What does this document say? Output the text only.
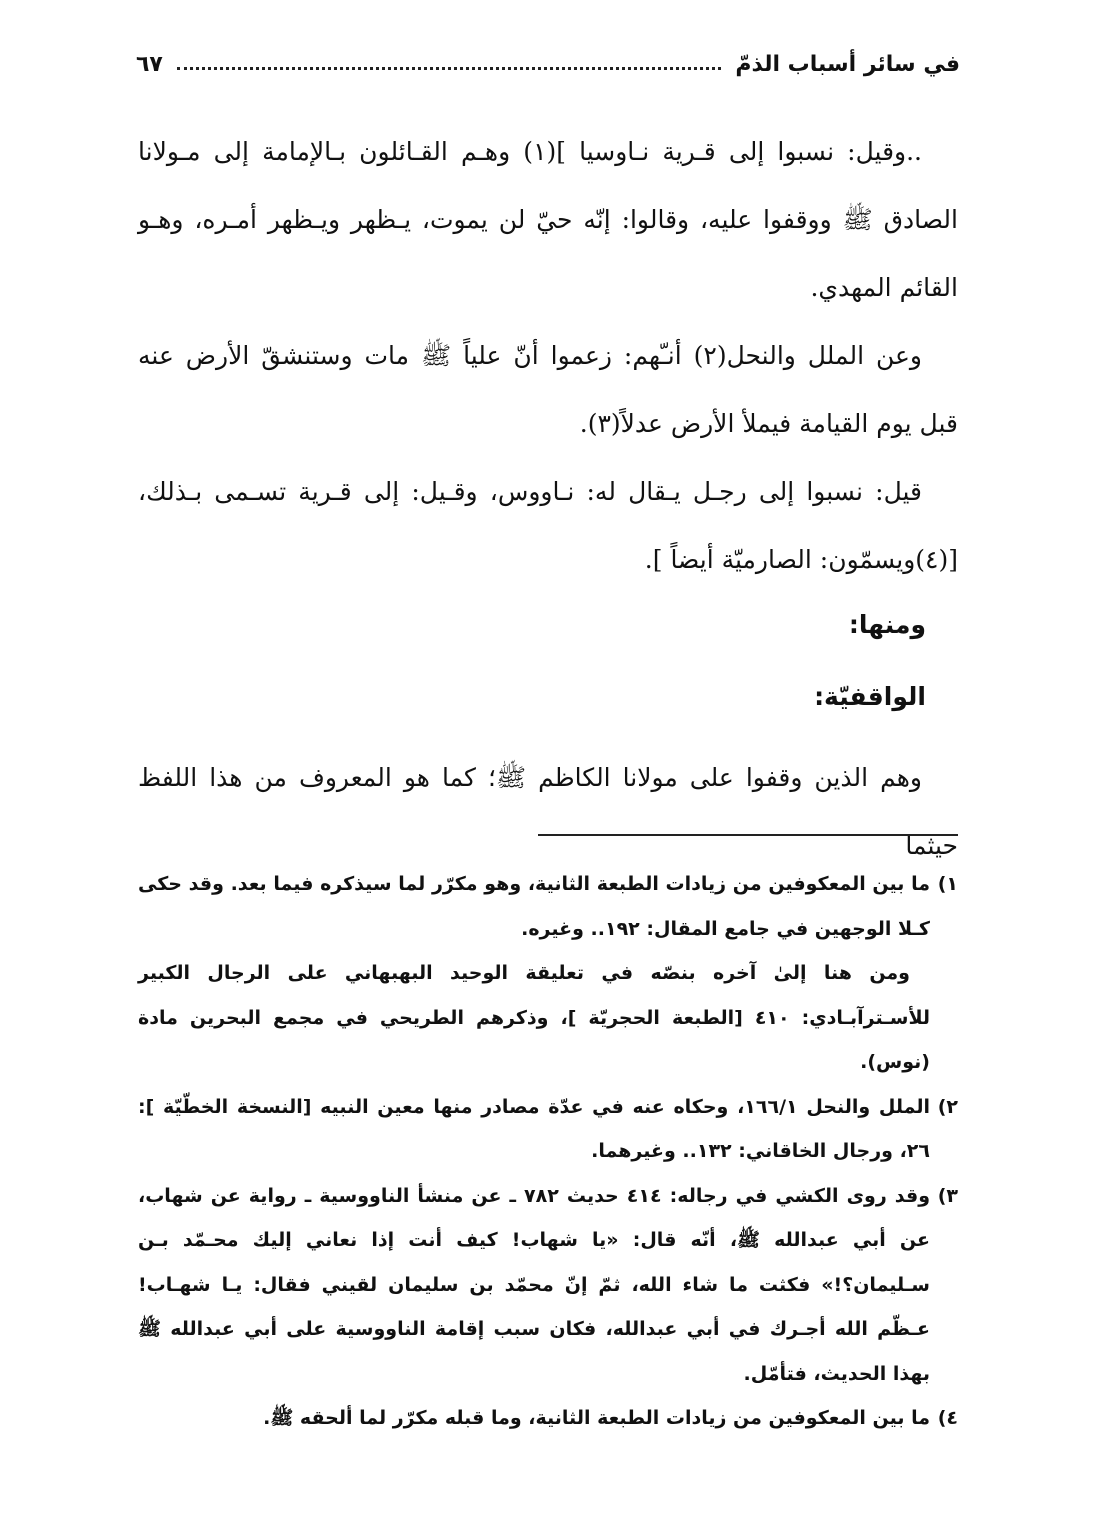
في سائر أسباب الذمّ
٦٧

..وقيل: نسبوا إلى قـرية نـاوسيا ](١) وهـم القـائلون بـالإمامة إلى مـولانا الصادق ﷺ ووقفوا عليه، وقالوا: إنّه حيّ لن يموت، يـظهر ويـظهر أمـره، وهـو القائم المهدي.

وعن الملل والنحل(٢) أنـّهم: زعموا أنّ علياً ﷺ مات وستنشقّ الأرض عنه قبل يوم القيامة فيملأ الأرض عدلاً(٣).

قيل: نسبوا إلى رجـل يـقال له: نـاووس، وقـيل: إلى قـرية تسـمى بـذلك، [(٤)ويسمّون: الصارميّة أيضاً ].

ومنها:
الواقفيّة:

وهم الذين وقفوا على مولانا الكاظم ﷺ؛ كما هو المعروف من هذا اللفظ حيثما

١)
ما بين المعكوفين من زيادات الطبعة الثانية، وهو مكرّر لما سيذكره فيما بعد. وقد حكى كـلا الوجهين في جامع المقال: ١٩٢.. وغيره.
ومن هنا إلىٰ آخره بنصّه في تعليقة الوحيد البهبهاني على الرجال الكبير للأسـترآبـادي: ٤١٠ [الطبعة الحجريّة ]، وذكرهم الطريحي في مجمع البحرين مادة (نوس).
٢)
الملل والنحل ١٦٦/١، وحكاه عنه في عدّة مصادر منها معين النبيه [النسخة الخطّيّة ]: ٢٦، ورجال الخاقاني: ١٣٢.. وغيرهما.
٣)
وقد روى الكشي في رجاله: ٤١٤ حديث ٧٨٢ ـ عن منشأ الناووسية ـ رواية عن شهاب، عن أبي عبدالله ﷺ، أنّه قال: «يا شهاب! كيف أنت إذا نعاني إليك محـمّد بـن سـليمان؟!» فكثت ما شاء الله، ثمّ إنّ محمّد بن سليمان لقيني فقال: يـا شهـاب! عـظّم الله أجـرك في أبي عبدالله، فكان سبب إقامة الناووسية على أبي عبدالله ﷺ بهذا الحديث، فتأمّل.
٤)
ما بين المعكوفين من زيادات الطبعة الثانية، وما قبله مكرّر لما ألحقه ﷺ.
